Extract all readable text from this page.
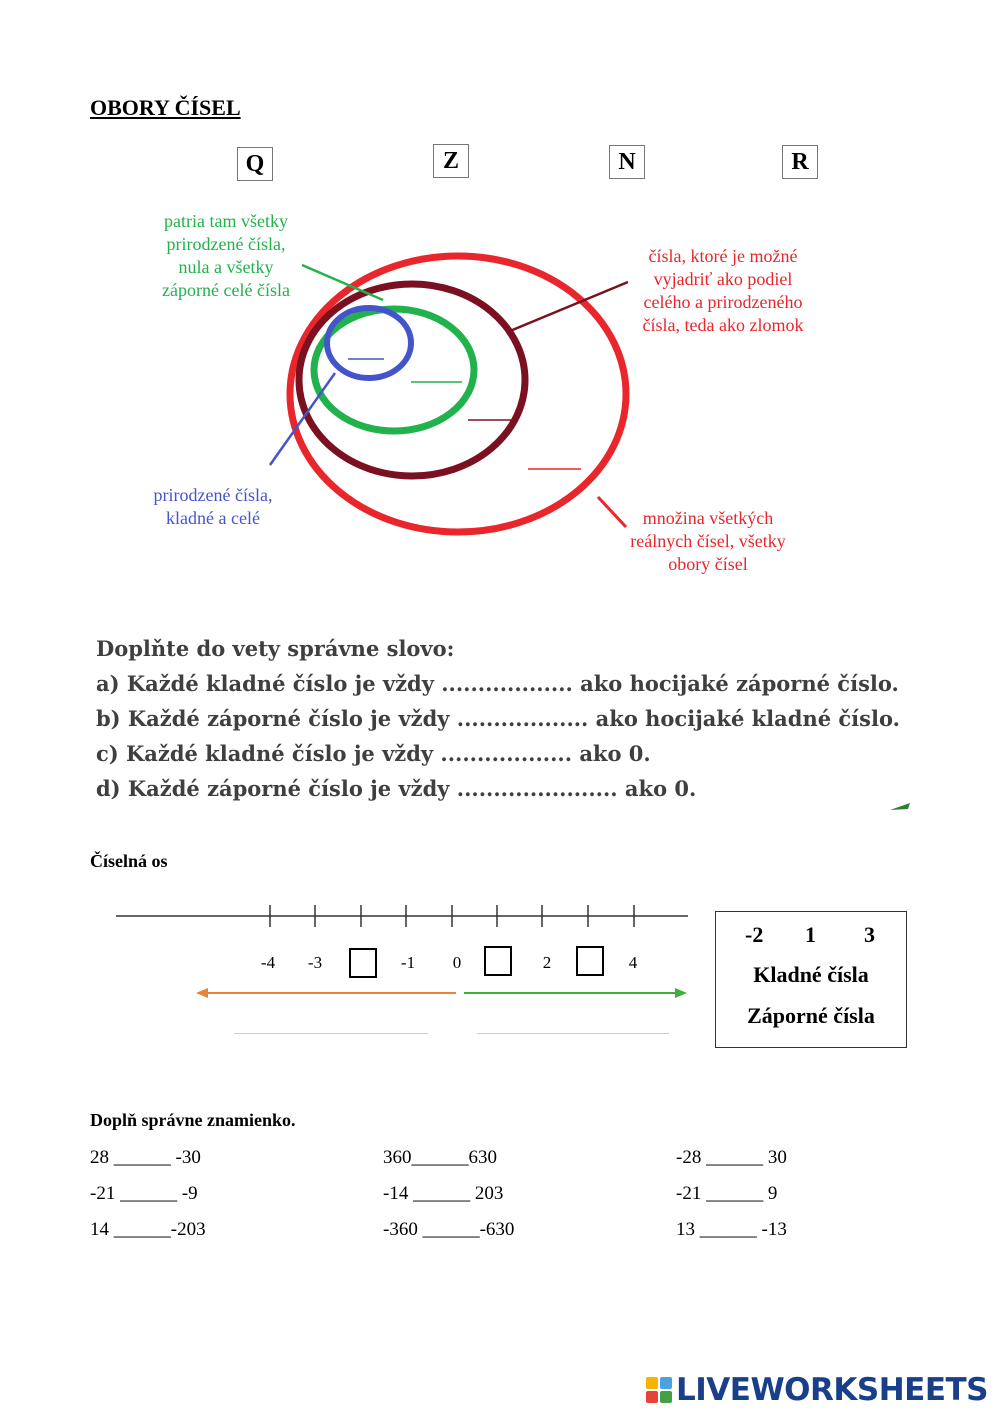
OBORY ČÍSEL
Q	Z	N	R
patria tam všetky
prirodzené čísla,
nula a všetky
záporné celé čísla
čísla, ktoré je možné
vyjadriť ako podiel
celého a prirodzeného
čísla, teda ako zlomok
prirodzené čísla,
kladné a celé	množina všetkých
reálnych čísel, všetky
obory čísel
Doplňte do vety správne slovo:
a) Každé kladné číslo je vždy .................. ako hocijaké záporné číslo.
b) Každé záporné číslo je vždy .................. ako hocijaké kladné číslo.
c) Každé kladné číslo je vždy .................. ako 0.
d) Každé záporné číslo je vždy ...................... ako 0.
Číselná os
-4 -3	-1 0	2	4
-2 1 3
Kladné čísla
Záporné čísla
Doplň správne znamienko.
28 ______ -30	360______630	-28 ______ 30
-21 ______ -9	-14 ______ 203	-21 ______ 9
14 ______-203	-360 ______-630	13 ______ -13
LIVEWORKSHEETS
